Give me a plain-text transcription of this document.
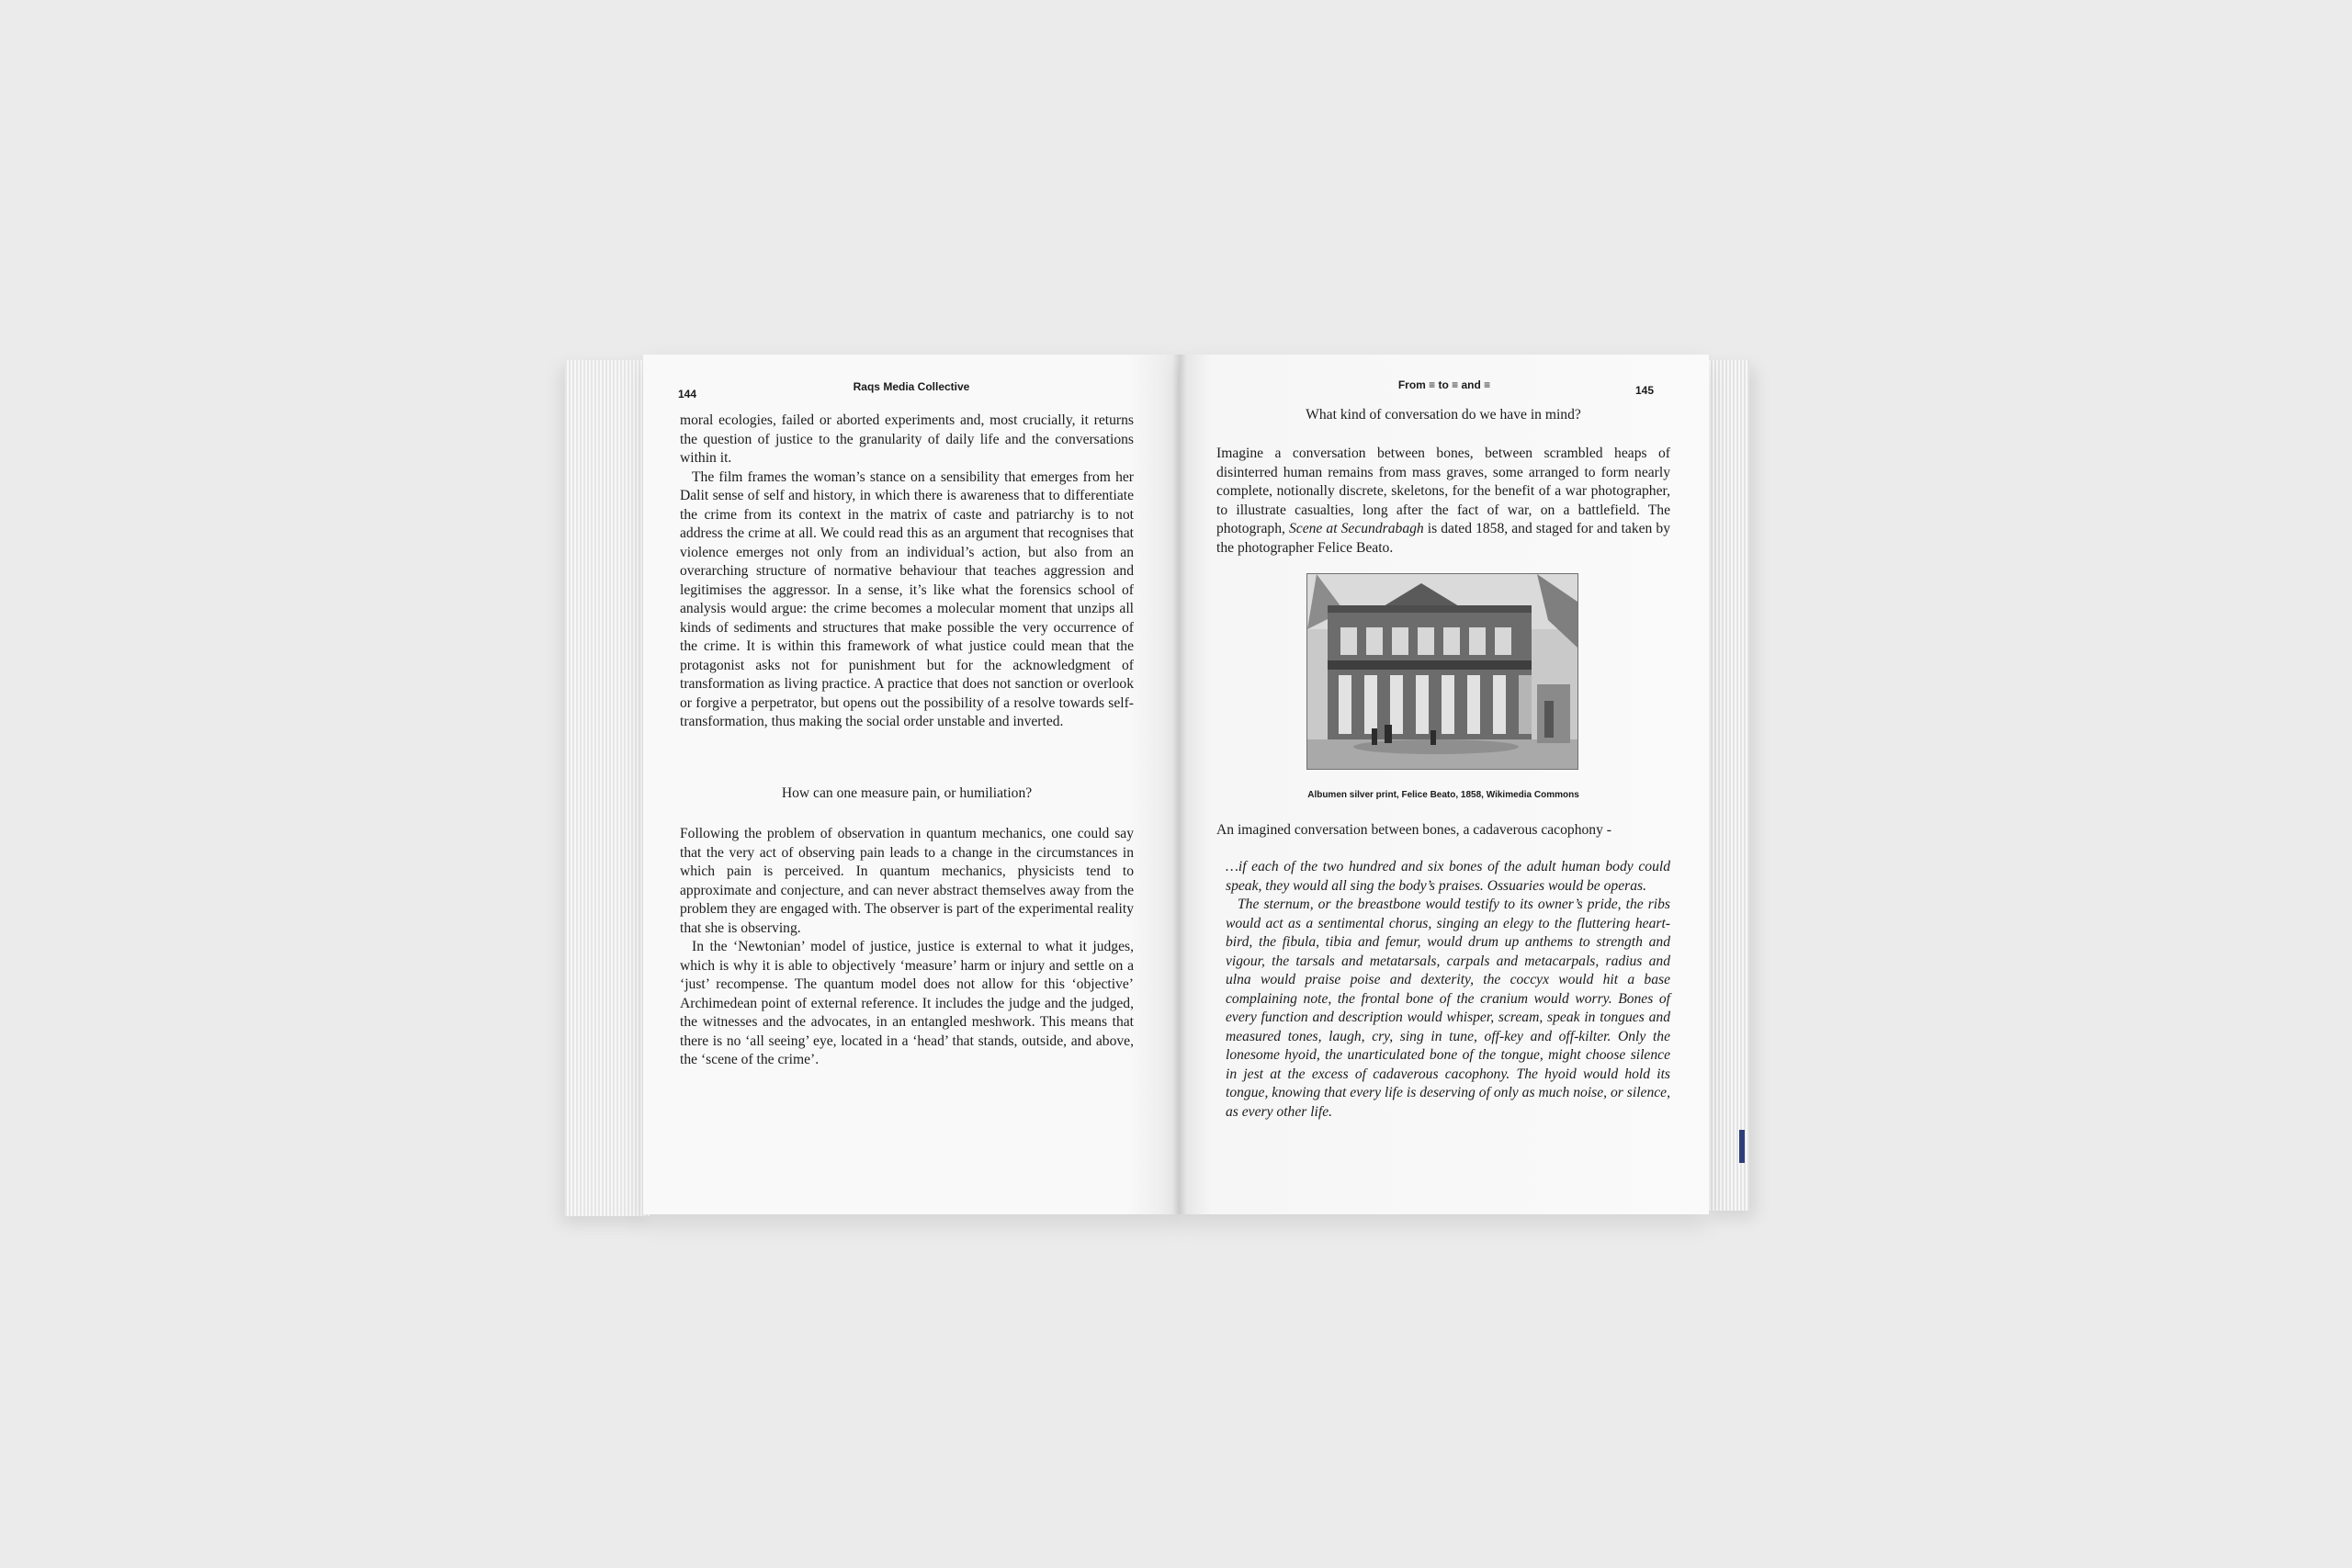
144
Raqs Media Collective

moral ecologies, failed or aborted experiments and, most crucially, it returns the question of justice to the granularity of daily life and the conversations within it.

The film frames the woman’s stance on a sensibility that emerges from her Dalit sense of self and history, in which there is awareness that to differentiate the crime from its context in the matrix of caste and patriarchy is to not address the crime at all. We could read this as an argument that recognises that violence emerges not only from an individual’s action, but also from an overarching structure of normative behaviour that teaches aggression and legitimises the aggressor. In a sense, it’s like what the forensics school of analysis would argue: the crime becomes a molecular moment that unzips all kinds of sediments and structures that make possible the very occurrence of the crime. It is within this framework of what justice could mean that the protagonist asks not for punishment but for the acknowledgment of transformation as living practice. A practice that does not sanction or overlook or forgive a perpetrator, but opens out the possibility of a resolve towards self-transformation, thus making the social order unstable and inverted.

How can one measure pain, or humiliation?

Following the problem of observation in quantum mechanics, one could say that the very act of observing pain leads to a change in the circumstances in which pain is perceived. In quantum mechanics, physicists tend to approximate and conjecture, and can never abstract themselves away from the problem they are engaged with. The observer is part of the experimental reality that she is observing.

In the ‘Newtonian’ model of justice, justice is external to what it judges, which is why it is able to objectively ‘measure’ harm or injury and settle on a ‘just’ recompense. The quantum model does not allow for this ‘objective’ Archimedean point of external reference. It includes the judge and the judged, the witnesses and the advocates, in an entangled meshwork. This means that there is no ‘all seeing’ eye, located in a ‘head’ that stands, outside, and above, the ‘scene of the crime’.

From ≡ to ≡ and ≡	145

What kind of conversation do we have in mind?

Imagine a conversation between bones, between scrambled heaps of disinterred human remains from mass graves, some arranged to form nearly complete, notionally discrete, skeletons, for the benefit of a war photographer, to illustrate casualties, long after the fact of war, on a battlefield. The photograph, Scene at Secundrabagh is dated 1858, and staged for and taken by the photographer Felice Beato.

Albumen silver print, Felice Beato, 1858, Wikimedia Commons

An imagined conversation between bones, a cadaverous cacophony -

…if each of the two hundred and six bones of the adult human body could speak, they would all sing the body’s praises. Ossuaries would be operas.

The sternum, or the breastbone would testify to its owner’s pride, the ribs would act as a sentimental chorus, singing an elegy to the fluttering heart-bird, the fibula, tibia and femur, would drum up anthems to strength and vigour, the tarsals and metatarsals, carpals and metacarpals, radius and ulna would praise poise and dexterity, the coccyx would hit a base complaining note, the frontal bone of the cranium would worry. Bones of every function and description would whisper, scream, speak in tongues and measured tones, laugh, cry, sing in tune, off-key and off-kilter. Only the lonesome hyoid, the unarticulated bone of the tongue, might choose silence in jest at the excess of cadaverous cacophony. The hyoid would hold its tongue, knowing that every life is deserving of only as much noise, or silence, as every other life.
